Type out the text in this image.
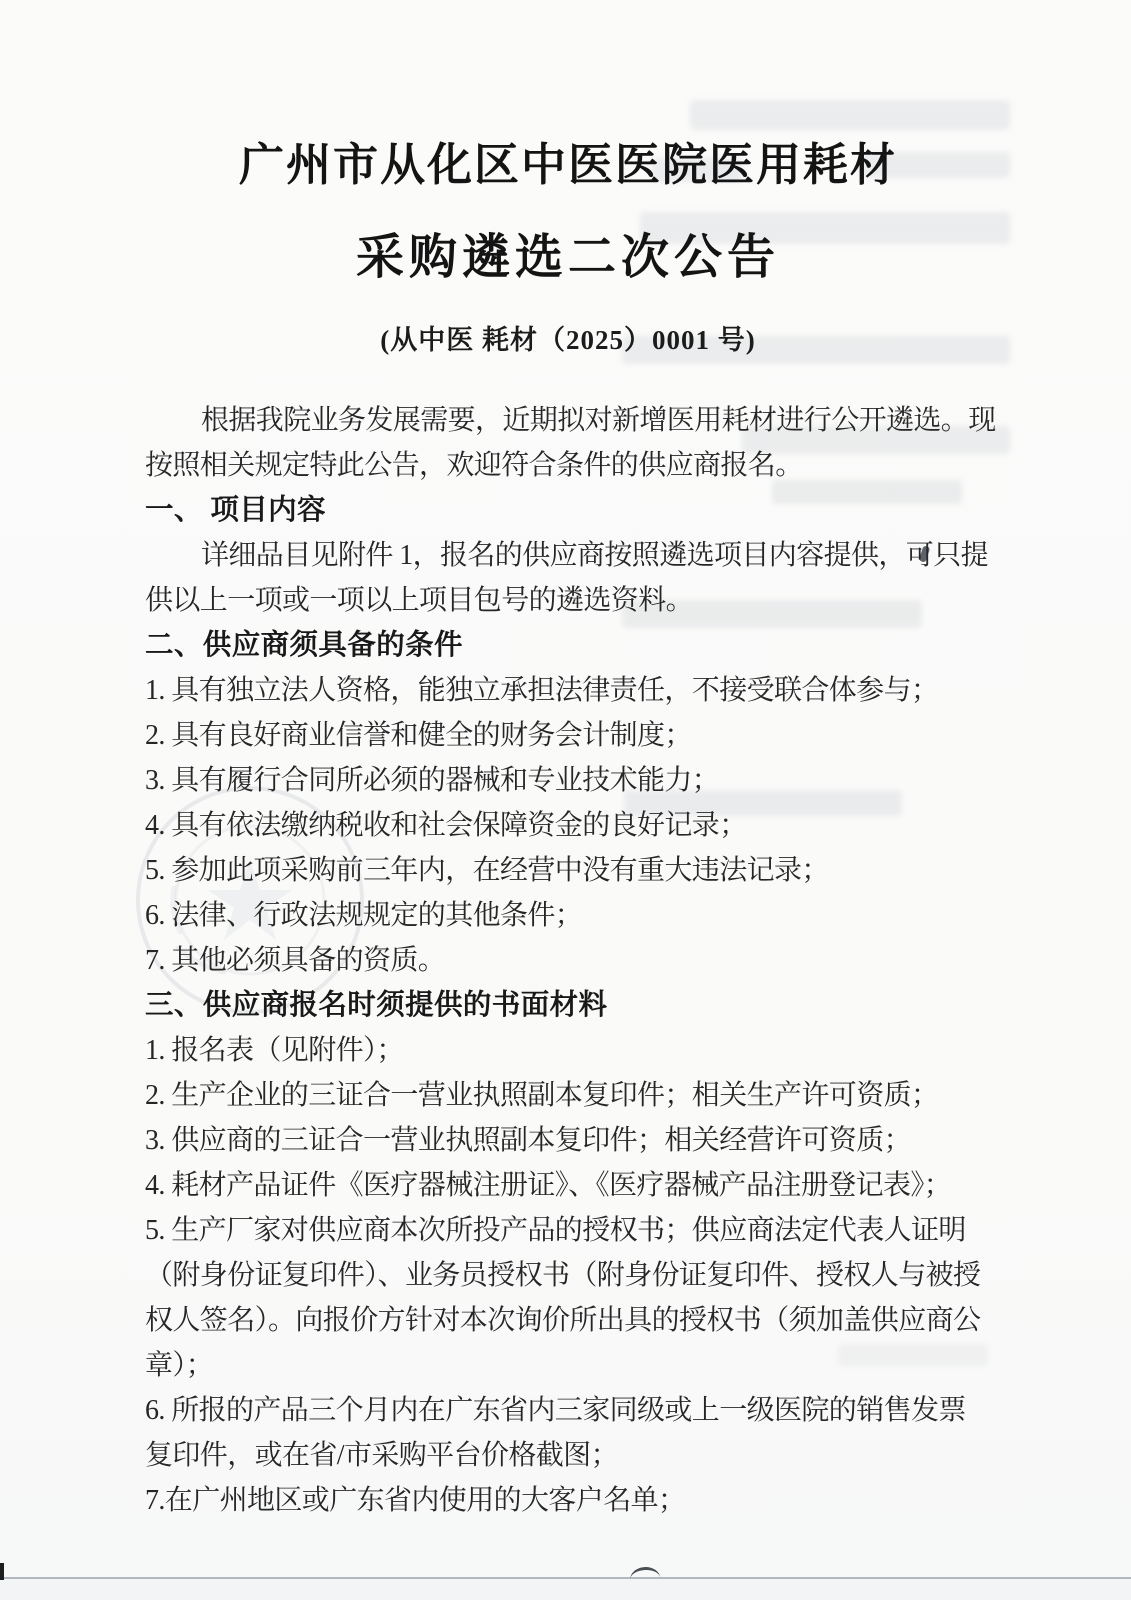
广州市从化区中医医院医用耗材
采购遴选二次公告
(从中医 耗材（2025）0001 号)
根据我院业务发展需要，近期拟对新增医用耗材进行公开遴选。现
按照相关规定特此公告，欢迎符合条件的供应商报名。
一、 项目内容
详细品目见附件 1，报名的供应商按照遴选项目内容提供，可只提
供以上一项或一项以上项目包号的遴选资料。
二、供应商须具备的条件
1. 具有独立法人资格，能独立承担法律责任，不接受联合体参与；
2. 具有良好商业信誉和健全的财务会计制度；
3. 具有履行合同所必须的器械和专业技术能力；
4. 具有依法缴纳税收和社会保障资金的良好记录；
5. 参加此项采购前三年内，在经营中没有重大违法记录；
6. 法律、行政法规规定的其他条件；
7. 其他必须具备的资质。
三、供应商报名时须提供的书面材料
1. 报名表（见附件）；
2. 生产企业的三证合一营业执照副本复印件；相关生产许可资质；
3. 供应商的三证合一营业执照副本复印件；相关经营许可资质；
4. 耗材产品证件《医疗器械注册证》、《医疗器械产品注册登记表》；
5. 生产厂家对供应商本次所投产品的授权书；供应商法定代表人证明
（附身份证复印件）、业务员授权书（附身份证复印件、授权人与被授
权人签名）。向报价方针对本次询价所出具的授权书（须加盖供应商公
章）；
6. 所报的产品三个月内在广东省内三家同级或上一级医院的销售发票
复印件，或在省/市采购平台价格截图；
7.在广州地区或广东省内使用的大客户名单；
